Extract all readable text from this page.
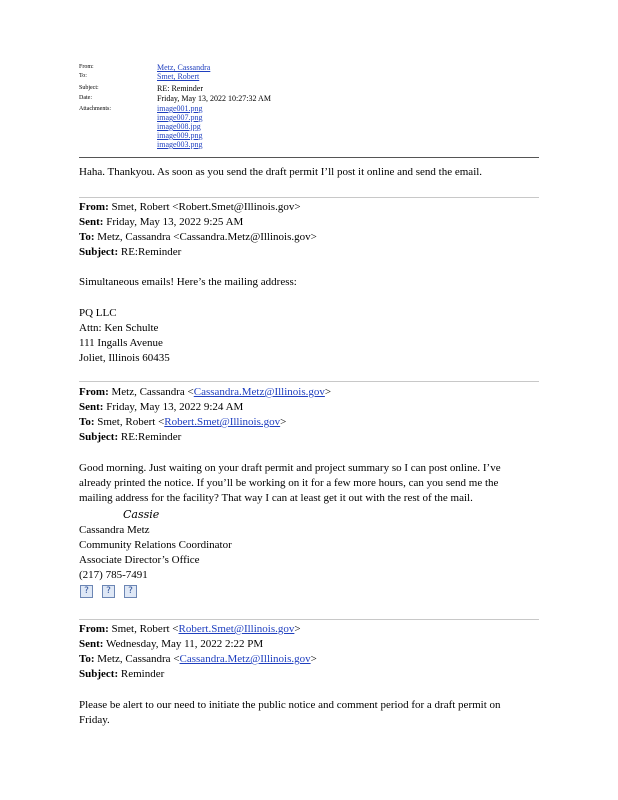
From:	Metz, Cassandra
To:	Smet, Robert
Subject:	RE: Reminder
Date:	Friday, May 13, 2022 10:27:32 AM
Attachments:	image001.png
image007.png
image008.jpg
image009.png
image003.png
Haha. Thankyou. As soon as you send the draft permit I’ll post it online and send the email.
From: Smet, Robert <Robert.Smet@Illinois.gov>
Sent: Friday, May 13, 2022 9:25 AM
To: Metz, Cassandra <Cassandra.Metz@Illinois.gov>
Subject: RE:Reminder
Simultaneous emails! Here’s the mailing address:
PQ LLC
Attn: Ken Schulte
111 Ingalls Avenue
Joliet, Illinois 60435
From: Metz, Cassandra <Cassandra.Metz@Illinois.gov>
Sent: Friday, May 13, 2022 9:24 AM
To: Smet, Robert <Robert.Smet@Illinois.gov>
Subject: RE:Reminder
Good morning. Just waiting on your draft permit and project summary so I can post online. I’ve
already printed the notice. If you’ll be working on it for a few more hours, can you send me the
mailing address for the facility? That way I can at least get it out with the rest of the mail.
Cassie
Cassandra Metz
Community Relations Coordinator
Associate Director’s Office
(217) 785-7491
?	?	?
From: Smet, Robert <Robert.Smet@Illinois.gov>
Sent: Wednesday, May 11, 2022 2:22 PM
To: Metz, Cassandra <Cassandra.Metz@Illinois.gov>
Subject: Reminder
Please be alert to our need to initiate the public notice and comment period for a draft permit on
Friday.
